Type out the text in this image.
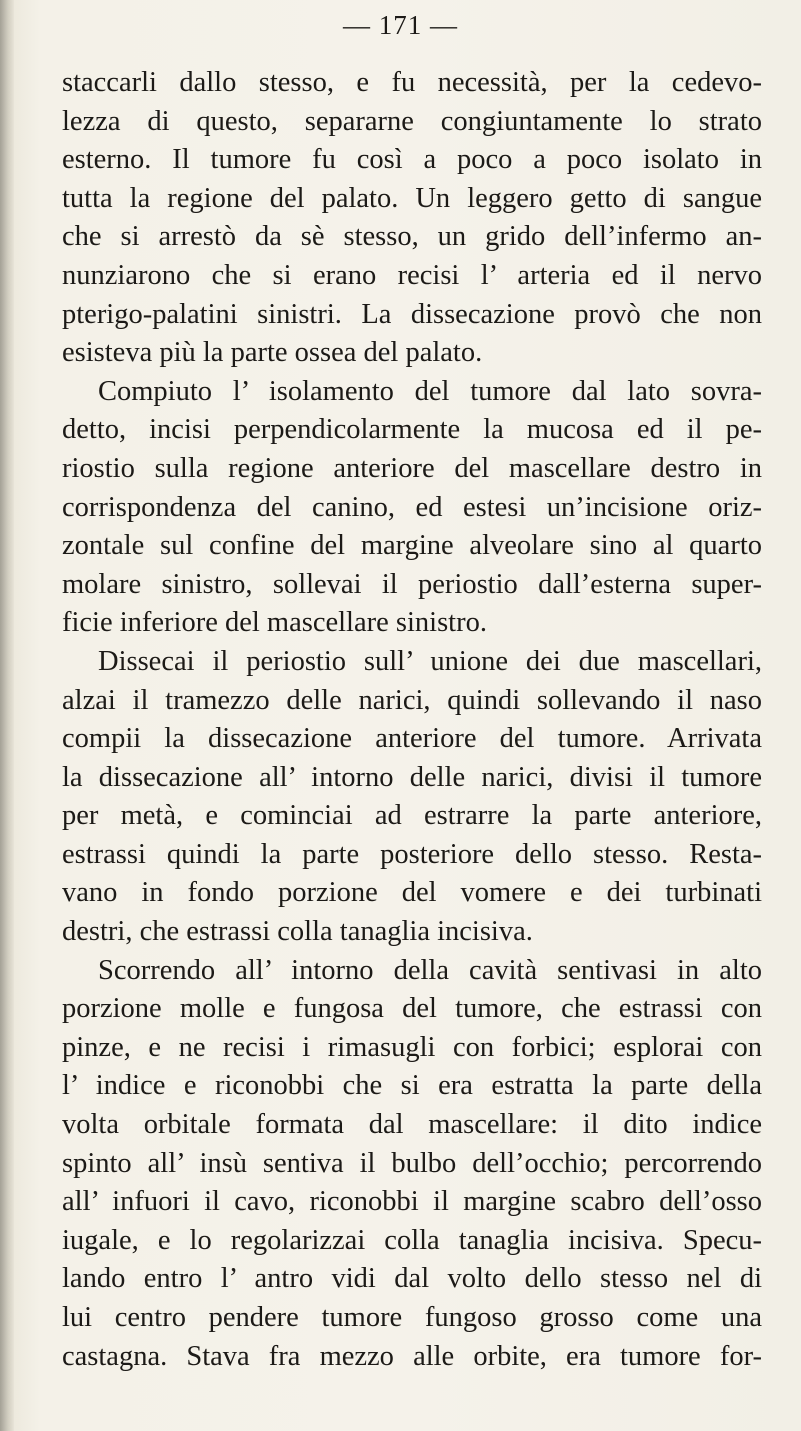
— 171 —
staccarli dallo stesso, e fu necessità, per la cedevo-
lezza di questo, separarne congiuntamente lo strato
esterno. Il tumore fu così a poco a poco isolato in
tutta la regione del palato. Un leggero getto di sangue
che si arrestò da sè stesso, un grido dell’infermo an-
nunziarono che si erano recisi l’ arteria ed il nervo
pterigo-palatini sinistri. La dissecazione provò che non
esisteva più la parte ossea del palato.
Compiuto l’ isolamento del tumore dal lato sovra-
detto, incisi perpendicolarmente la mucosa ed il pe-
riostio sulla regione anteriore del mascellare destro in
corrispondenza del canino, ed estesi un’incisione oriz-
zontale sul confine del margine alveolare sino al quarto
molare sinistro, sollevai il periostio dall’esterna super-
ficie inferiore del mascellare sinistro.
Dissecai il periostio sull’ unione dei due mascellari,
alzai il tramezzo delle narici, quindi sollevando il naso
compii la dissecazione anteriore del tumore. Arrivata
la dissecazione all’ intorno delle narici, divisi il tumore
per metà, e cominciai ad estrarre la parte anteriore,
estrassi quindi la parte posteriore dello stesso. Resta-
vano in fondo porzione del vomere e dei turbinati
destri, che estrassi colla tanaglia incisiva.
Scorrendo all’ intorno della cavità sentivasi in alto
porzione molle e fungosa del tumore, che estrassi con
pinze, e ne recisi i rimasugli con forbici; esplorai con
l’ indice e riconobbi che si era estratta la parte della
volta orbitale formata dal mascellare: il dito indice
spinto all’ insù sentiva il bulbo dell’occhio; percorrendo
all’ infuori il cavo, riconobbi il margine scabro dell’osso
iugale, e lo regolarizzai colla tanaglia incisiva. Specu-
lando entro l’ antro vidi dal volto dello stesso nel di
lui centro pendere tumore fungoso grosso come una
castagna. Stava fra mezzo alle orbite, era tumore for-
